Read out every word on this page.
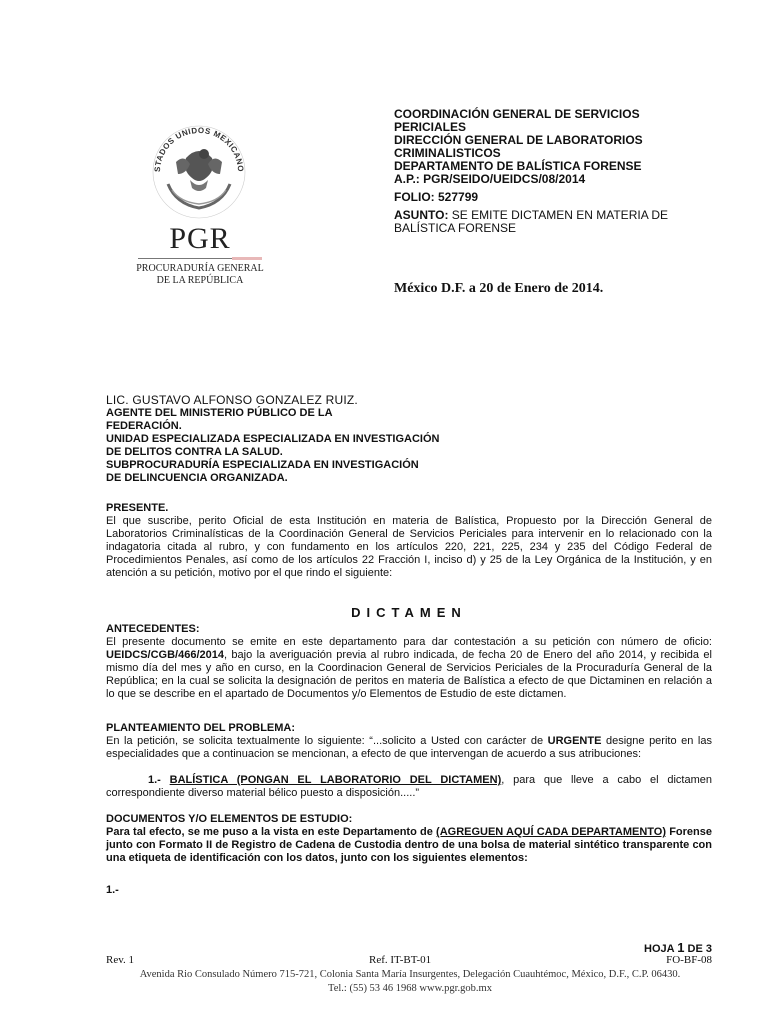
STADOS UNIDOS MEXICANO
PGR
PROCURADURÍA GENERAL
DE LA REPÚBLICA
COORDINACIÓN GENERAL DE SERVICIOS
PERICIALES
DIRECCIÓN GENERAL DE LABORATORIOS
CRIMINALISTICOS
DEPARTAMENTO DE BALÍSTICA FORENSE
A.P.: PGR/SEIDO/UEIDCS/08/2014
FOLIO: 527799
ASUNTO: SE EMITE DICTAMEN EN MATERIA DE
BALÍSTICA FORENSE
México D.F. a 20 de Enero de 2014.
LIC. GUSTAVO ALFONSO GONZALEZ RUIZ.
AGENTE DEL MINISTERIO PÚBLICO DE LA
FEDERACIÓN.
UNIDAD ESPECIALIZADA ESPECIALIZADA EN INVESTIGACIÓN
DE DELITOS CONTRA LA SALUD.
SUBPROCURADURÍA ESPECIALIZADA EN INVESTIGACIÓN
DE DELINCUENCIA ORGANIZADA.
PRESENTE.
El que suscribe, perito Oficial de esta Institución en materia de Balística, Propuesto por la Dirección General de Laboratorios Criminalísticas de la Coordinación General de Servicios Periciales para intervenir en lo relacionado con la indagatoria citada al rubro, y con fundamento en los artículos 220, 221, 225, 234 y 235 del Código Federal de Procedimientos Penales, así como de los artículos 22 Fracción I, inciso d) y 25 de la Ley Orgánica de la Institución, y en atención a su petición, motivo por el que rindo el siguiente:
DICTAMEN
ANTECEDENTES:
El presente documento se emite en este departamento para dar contestación a su petición con número de oficio: UEIDCS/CGB/466/2014, bajo la averiguación previa al rubro indicada, de fecha 20 de Enero del año 2014, y recibida el mismo día del mes y año en curso, en la Coordinacion General de Servicios Periciales de la Procuraduría General de la República; en la cual se solicita la designación de peritos en materia de Balística a efecto de que Dictaminen en relación a lo que se describe en el apartado de Documentos y/o Elementos de Estudio de este dictamen.
PLANTEAMIENTO DEL PROBLEMA:
En la petición, se solicita textualmente lo siguiente: “...solicito a Usted con carácter de URGENTE designe perito en las especialidades que a continuacion se mencionan, a efecto de que intervengan de acuerdo a sus atribuciones:
1.- BALÍSTICA (PONGAN EL LABORATORIO DEL DICTAMEN), para que lleve a cabo el dictamen correspondiente diverso material bélico puesto a disposición.....”
DOCUMENTOS Y/O ELEMENTOS DE ESTUDIO:
Para tal efecto, se me puso a la vista en este Departamento de (AGREGUEN AQUÍ CADA DEPARTAMENTO) Forense junto con Formato II de Registro de Cadena de Custodia dentro de una bolsa de material sintético transparente con una etiqueta de identificación con los datos, junto con los siguientes elementos:
1.-
HOJA 1 DE 3
Rev. 1	Ref. IT-BT-01	FO-BF-08
Avenida Rio Consulado Número 715-721, Colonia Santa María Insurgentes, Delegación Cuauhtémoc, México, D.F., C.P. 06430.
Tel.: (55) 53 46 1968 www.pgr.gob.mx
